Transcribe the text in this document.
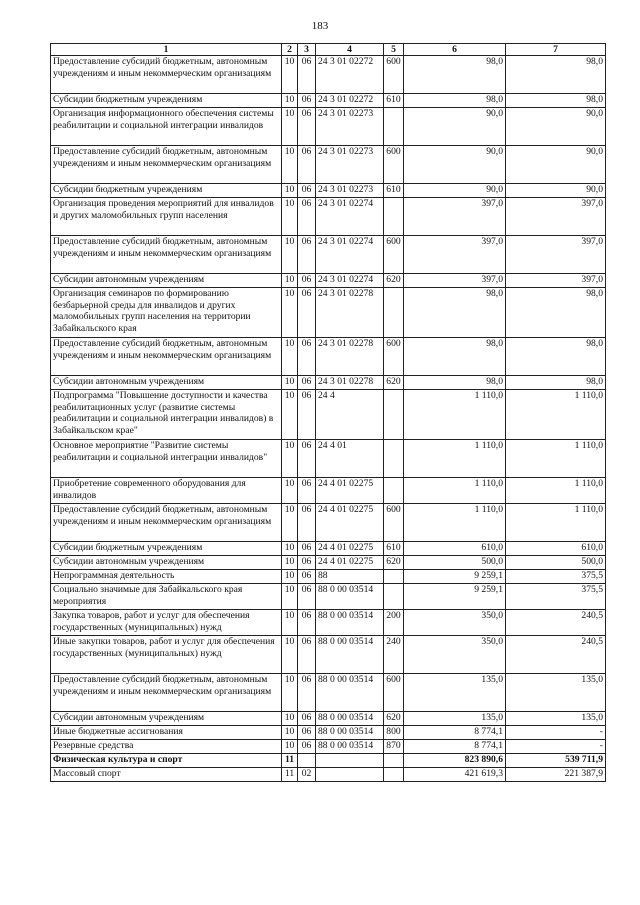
183
1	2	3	4	5	6	7
Предоставление субсидий бюджетным, автономным учреждениям и иным некоммерческим организациям	10	06	24 3 01 02272	600	98,0	98,0
Субсидии бюджетным учреждениям	10	06	24 3 01 02272	610	98,0	98,0
Организация информационного обеспечения системы реабилитации и социальной интеграции инвалидов	10	06	24 3 01 02273		90,0	90,0
Предоставление субсидий бюджетным, автономным учреждениям и иным некоммерческим организациям	10	06	24 3 01 02273	600	90,0	90,0
Субсидии бюджетным учреждениям	10	06	24 3 01 02273	610	90,0	90,0
Организация проведения мероприятий для инвалидов и других маломобильных групп населения	10	06	24 3 01 02274		397,0	397,0
Предоставление субсидий бюджетным, автономным учреждениям и иным некоммерческим организациям	10	06	24 3 01 02274	600	397,0	397,0
Субсидии автономным учреждениям	10	06	24 3 01 02274	620	397,0	397,0
Организация семинаров по формированию безбарьерной среды для инвалидов и других маломобильных групп населения на территории Забайкальского края	10	06	24 3 01 02278		98,0	98,0
Предоставление субсидий бюджетным, автономным учреждениям и иным некоммерческим организациям	10	06	24 3 01 02278	600	98,0	98,0
Субсидии автономным учреждениям	10	06	24 3 01 02278	620	98,0	98,0
Подпрограмма "Повышение доступности и качества реабилитационных услуг (развитие системы реабилитации и социальной интеграции инвалидов) в Забайкальском крае"	10	06	24 4		1 110,0	1 110,0
Основное мероприятие "Развитие системы реабилитации и социальной интеграции инвалидов"	10	06	24 4 01		1 110,0	1 110,0
Приобретение современного оборудования для инвалидов	10	06	24 4 01 02275		1 110,0	1 110,0
Предоставление субсидий бюджетным, автономным учреждениям и иным некоммерческим организациям	10	06	24 4 01 02275	600	1 110,0	1 110,0
Субсидии бюджетным учреждениям	10	06	24 4 01 02275	610	610,0	610,0
Субсидии автономным учреждениям	10	06	24 4 01 02275	620	500,0	500,0
Непрограммная деятельность	10	06	88		9 259,1	375,5
Социально значимые для Забайкальского края мероприятия	10	06	88 0 00 03514		9 259,1	375,5
Закупка товаров, работ и услуг для обеспечения государственных (муниципальных) нужд	10	06	88 0 00 03514	200	350,0	240,5
Иные закупки товаров, работ и услуг для обеспечения государственных (муниципальных) нужд	10	06	88 0 00 03514	240	350,0	240,5
Предоставление субсидий бюджетным, автономным учреждениям и иным некоммерческим организациям	10	06	88 0 00 03514	600	135,0	135,0
Субсидии автономным учреждениям	10	06	88 0 00 03514	620	135,0	135,0
Иные бюджетные ассигнования	10	06	88 0 00 03514	800	8 774,1	-
Резервные средства	10	06	88 0 00 03514	870	8 774,1	-
Физическая культура и спорт	11				823 890,6	539 711,9
Массовый спорт	11	02			421 619,3	221 387,9
